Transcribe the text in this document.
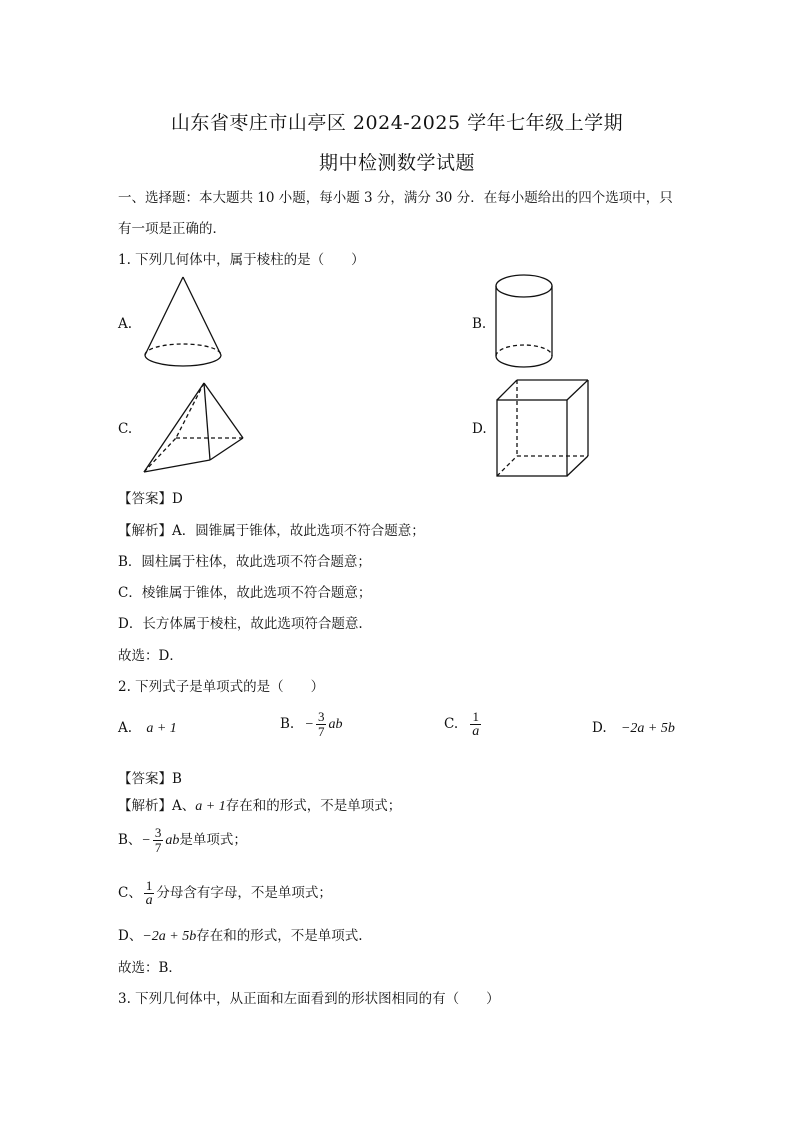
山东省枣庄市山亭区 2024-2025 学年七年级上学期
期中检测数学试题
一、选择题：本大题共 10 小题，每小题 3 分，满分 30 分．在每小题给出的四个选项中，只
有一项是正确的．
1. 下列几何体中，属于棱柱的是（　　）
A.	B.
C.	D.
【答案】D
【解析】A．圆锥属于锥体，故此选项不符合题意；
B．圆柱属于柱体，故此选项不符合题意；
C．棱锥属于锥体，故此选项不符合题意；
D．长方体属于棱柱，故此选项符合题意.
故选：D．
2. 下列式子是单项式的是（　　）
A. a + 1	B. − $\frac{3}{7}$ ab	C. $\frac{1}{a}$	D. −2a + 5b
【答案】B
【解析】A、a + 1存在和的形式，不是单项式；
B、− $\frac{3}{7}$ ab是单项式；
C、 $\frac{1}{a}$ 分母含有字母，不是单项式；
D、−2a + 5b存在和的形式，不是单项式.
故选：B．
3. 下列几何体中，从正面和左面看到的形状图相同的有（　　）
